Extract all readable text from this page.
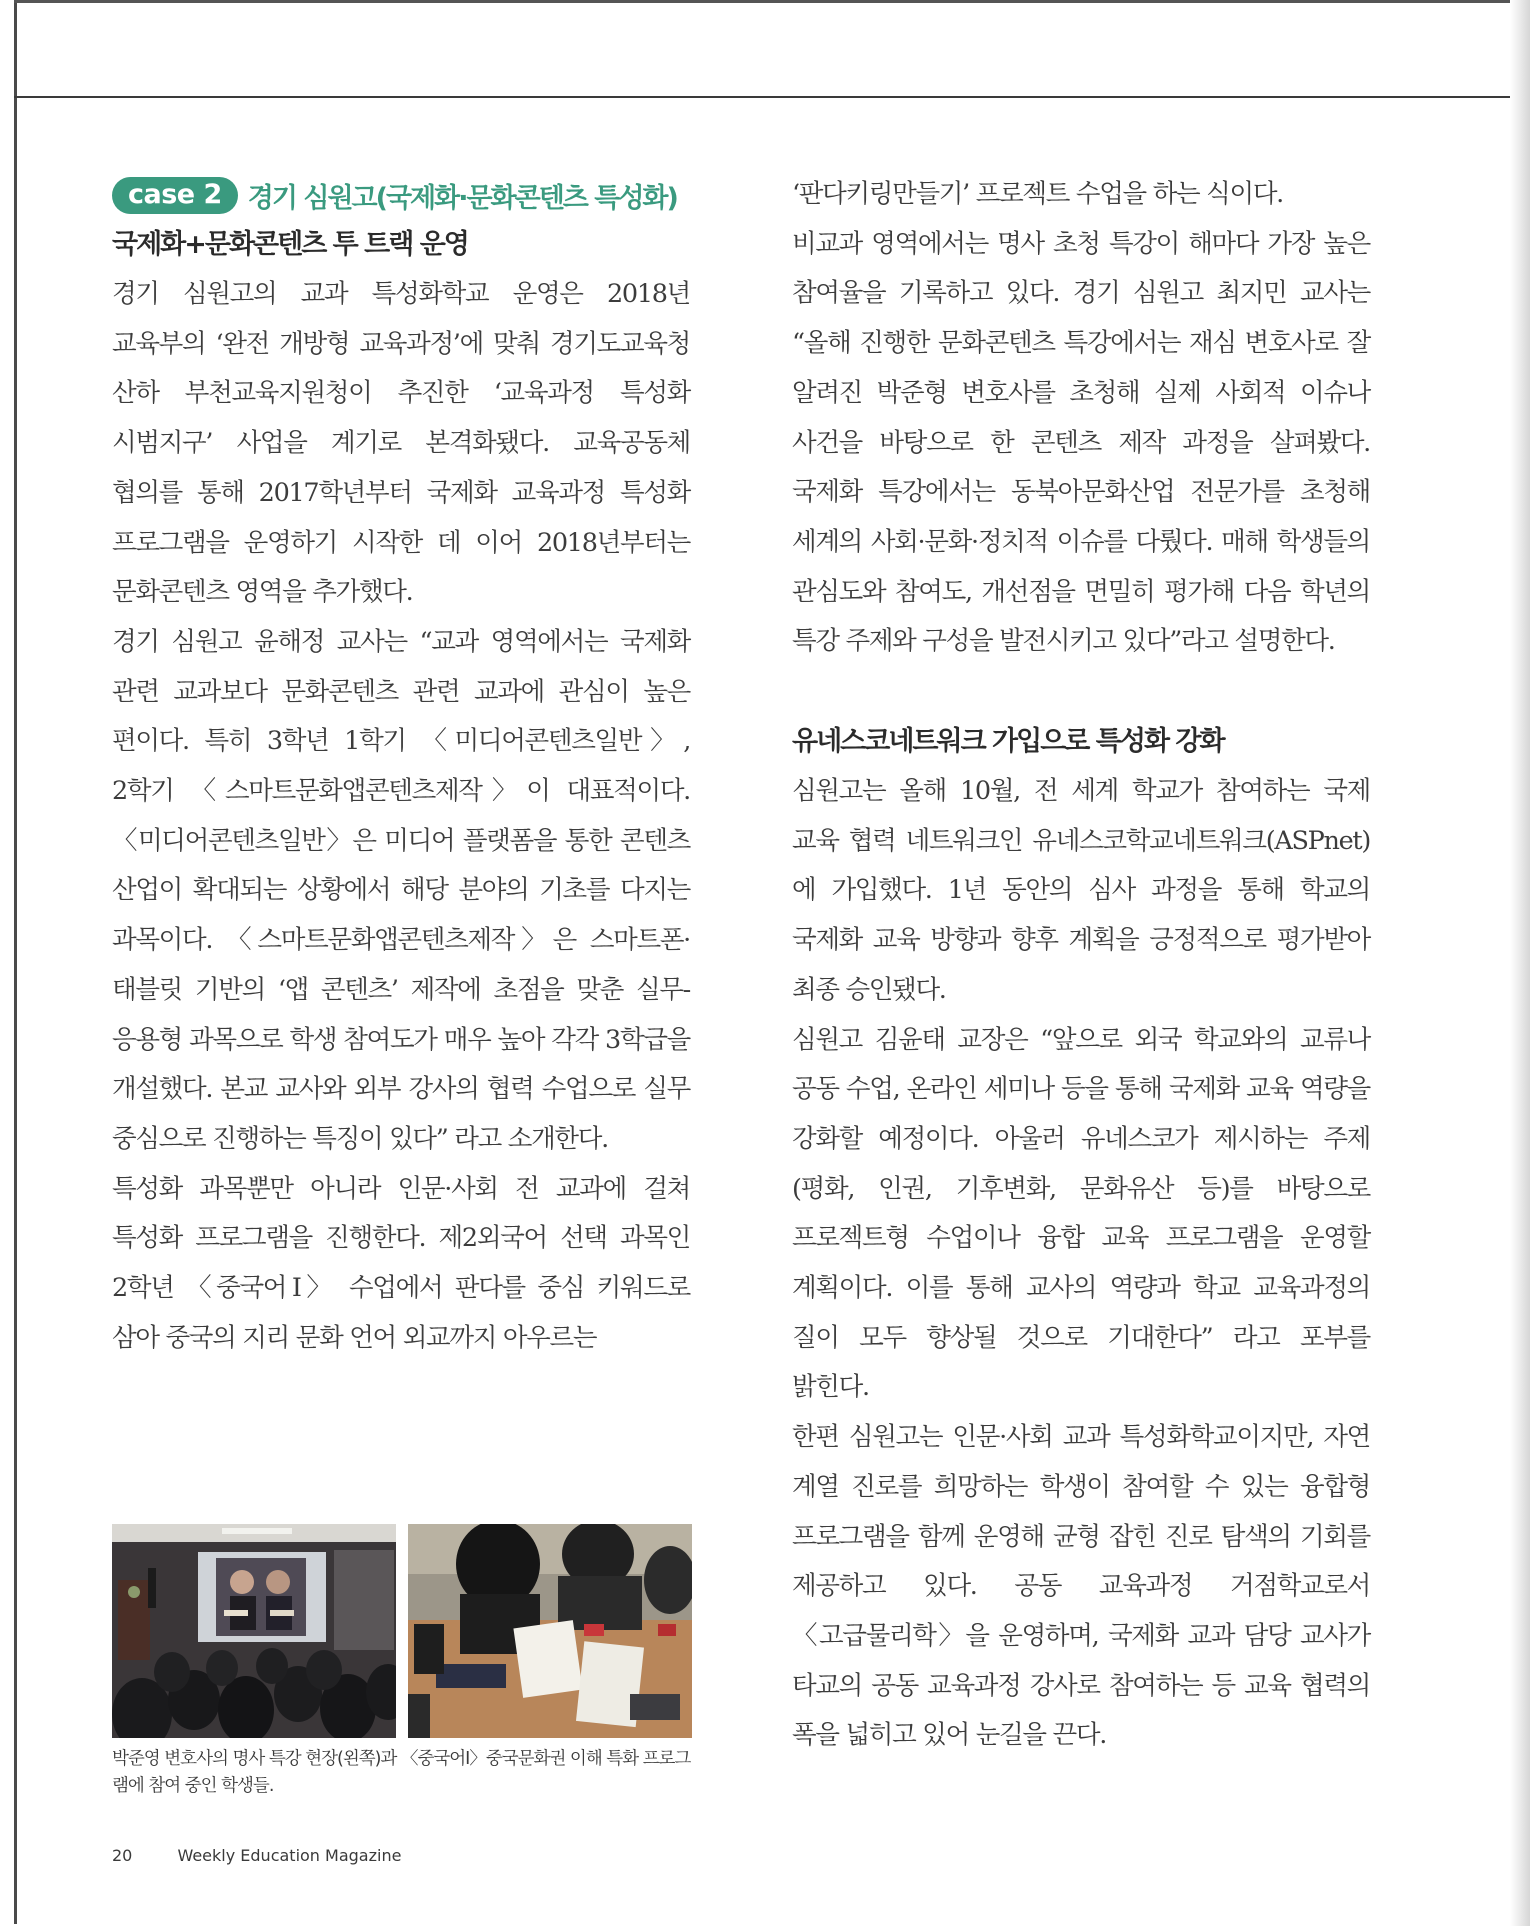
case 2 경기 심원고(국제화·문화콘텐츠 특성화)
국제화+문화콘텐츠 투 트랙 운영

경기 심원고의 교과 특성화학교 운영은 2018년 교육부의 ‘완전 개방형 교육과정’에 맞춰 경기도교육청 산하 부천교육지원청이 추진한 ‘교육과정 특성화 시범지구’ 사업을 계기로 본격화됐다. 교육공동체 협의를 통해 2017학년부터 국제화 교육과정 특성화 프로그램을 운영하기 시작한 데 이어 2018년부터는 문화콘텐츠 영역을 추가했다.

경기 심원고 윤해정 교사는 “교과 영역에서는 국제화 관련 교과보다 문화콘텐츠 관련 교과에 관심이 높은 편이다. 특히 3학년 1학기 〈미디어콘텐츠일반〉, 2학기 〈스마트문화앱콘텐츠제작〉이 대표적이다. 〈미디어콘텐츠일반〉은 미디어 플랫폼을 통한 콘텐츠 산업이 확대되는 상황에서 해당 분야의 기초를 다지는 과목이다. 〈스마트문화앱콘텐츠제작〉은 스마트폰·태블릿 기반의 ‘앱 콘텐츠’ 제작에 초점을 맞춘 실무-응용형 과목으로 학생 참여도가 매우 높아 각각 3학급을 개설했다. 본교 교사와 외부 강사의 협력 수업으로 실무 중심으로 진행하는 특징이 있다” 라고 소개한다.

특성화 과목뿐만 아니라 인문·사회 전 교과에 걸쳐 특성화 프로그램을 진행한다. 제2외국어 선택 과목인 2학년 〈중국어Ⅰ〉 수업에서 판다를 중심 키워드로 삼아 중국의 지리 문화 언어 외교까지 아우르는

박준영 변호사의 명사 특강 현장(왼쪽)과 〈중국어Ⅰ〉중국문화권 이해 특화 프로그램에 참여 중인 학생들.

20	Weekly Education Magazine

‘판다키링만들기’ 프로젝트 수업을 하는 식이다.

비교과 영역에서는 명사 초청 특강이 해마다 가장 높은 참여율을 기록하고 있다. 경기 심원고 최지민 교사는 “올해 진행한 문화콘텐츠 특강에서는 재심 변호사로 잘 알려진 박준형 변호사를 초청해 실제 사회적 이슈나 사건을 바탕으로 한 콘텐츠 제작 과정을 살펴봤다. 국제화 특강에서는 동북아문화산업 전문가를 초청해 세계의 사회·문화·정치적 이슈를 다뤘다. 매해 학생들의 관심도와 참여도, 개선점을 면밀히 평가해 다음 학년의 특강 주제와 구성을 발전시키고 있다”라고 설명한다.

유네스코네트워크 가입으로 특성화 강화

심원고는 올해 10월, 전 세계 학교가 참여하는 국제 교육 협력 네트워크인 유네스코학교네트워크(ASPnet)에 가입했다. 1년 동안의 심사 과정을 통해 학교의 국제화 교육 방향과 향후 계획을 긍정적으로 평가받아 최종 승인됐다.

심원고 김윤태 교장은 “앞으로 외국 학교와의 교류나 공동 수업, 온라인 세미나 등을 통해 국제화 교육 역량을 강화할 예정이다. 아울러 유네스코가 제시하는 주제(평화, 인권, 기후변화, 문화유산 등)를 바탕으로 프로젝트형 수업이나 융합 교육 프로그램을 운영할 계획이다. 이를 통해 교사의 역량과 학교 교육과정의 질이 모두 향상될 것으로 기대한다” 라고 포부를 밝힌다.

한편 심원고는 인문·사회 교과 특성화학교이지만, 자연 계열 진로를 희망하는 학생이 참여할 수 있는 융합형 프로그램을 함께 운영해 균형 잡힌 진로 탐색의 기회를 제공하고 있다. 공동 교육과정 거점학교로서 〈고급물리학〉을 운영하며, 국제화 교과 담당 교사가 타교의 공동 교육과정 강사로 참여하는 등 교육 협력의 폭을 넓히고 있어 눈길을 끈다.
